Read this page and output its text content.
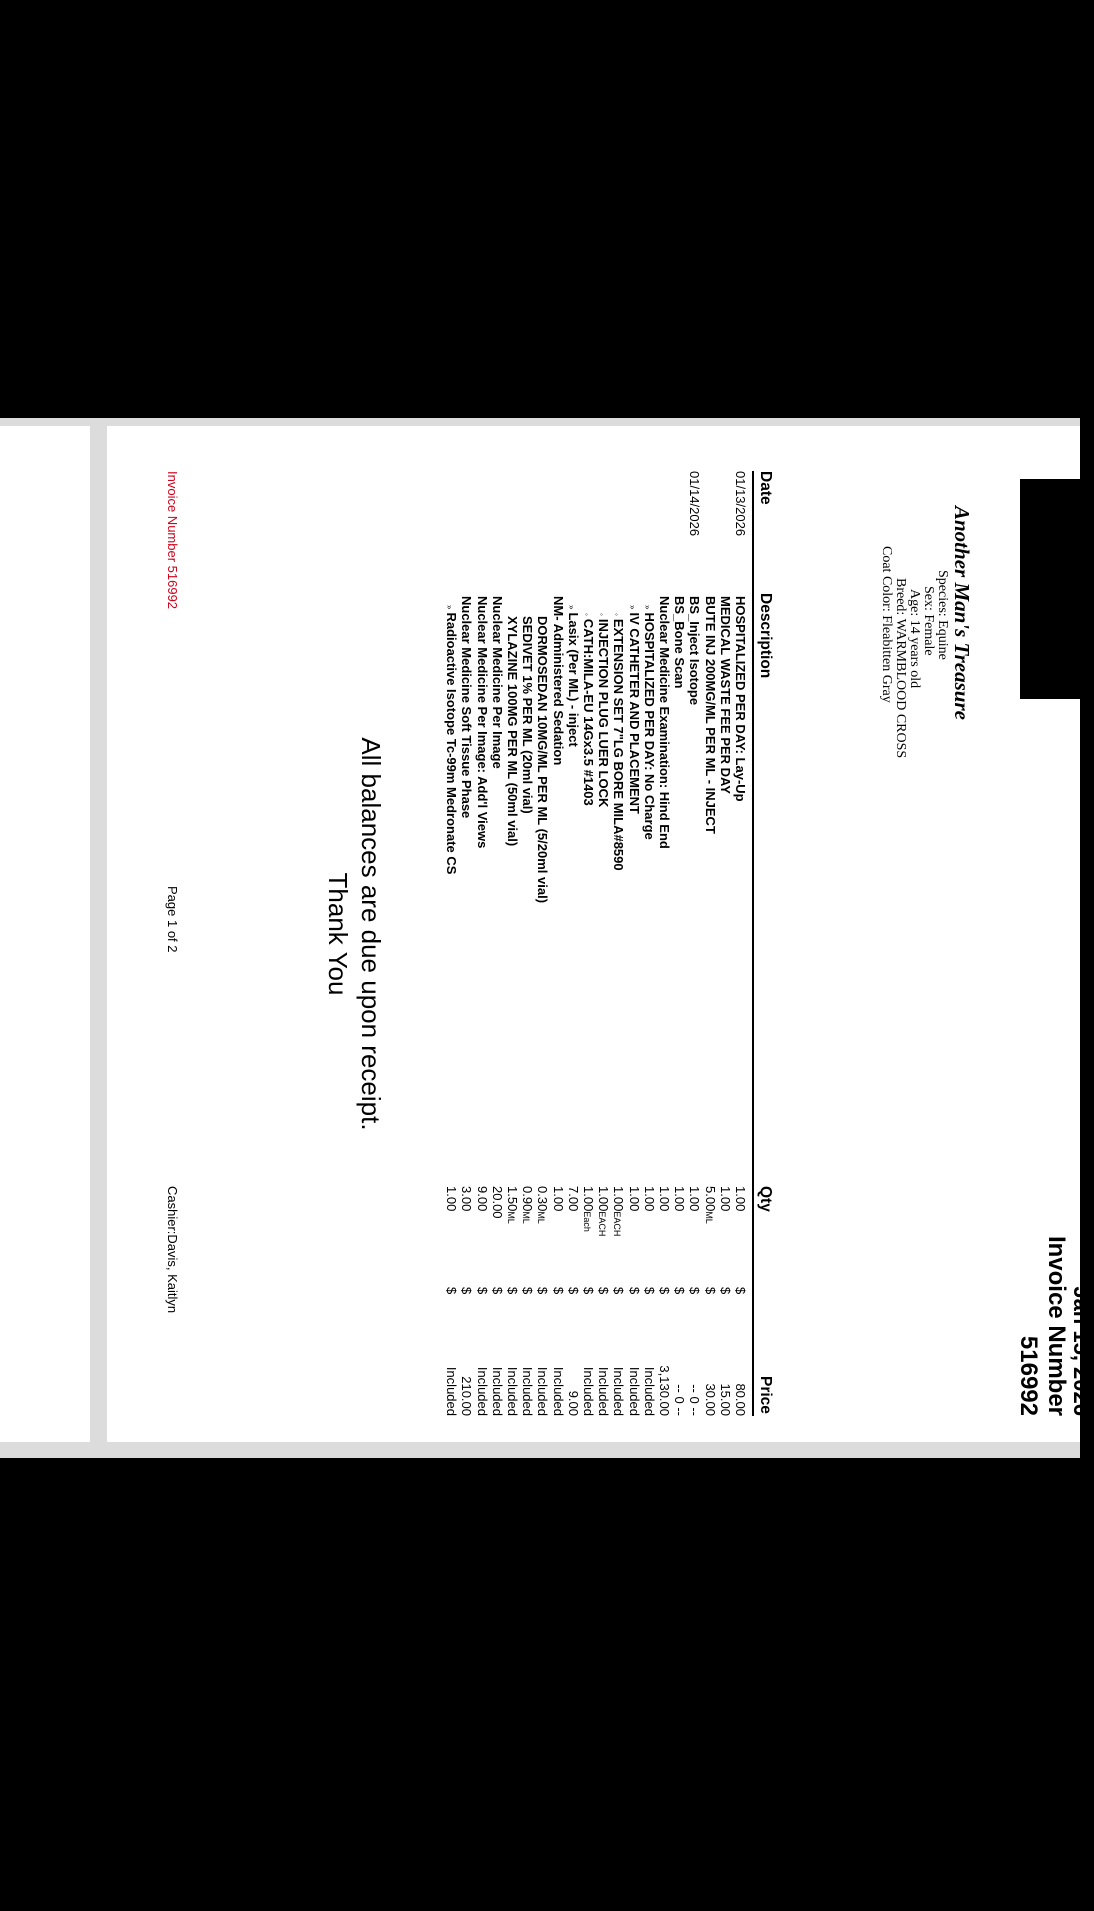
Jan 15, 2026
Invoice Number
516992
Another Man's Treasure
Species: Equine
Sex: Female
Age: 14 years old
Breed: WARMBLOOD CROSS
Coat Color: Fleabitten Gray
Date
Description
Qty
Price
01/13/2026
HOSPITALIZED PER DAY: Lay-Up
1.00
$
80.00
MEDICAL WASTE FEE PER DAY
1.00
$
15.00
BUTE INJ 200MG/ML PER ML - INJECT
5.00ML
$
30.00
01/14/2026
BS_Inject Isotope
1.00
$
-- 0 --
BS_Bone Scan
1.00
$
-- 0 --
Nuclear Medicine Examination: Hind End
1.00
$
3,130.00
»HOSPITALIZED PER DAY: No Charge
1.00
$
Included
»IV CATHETER AND PLACEMENT
1.00
$
Included
◦EXTENSION SET 7"LG BORE MILA#8590
1.00EACH
$
Included
◦INJECTION PLUG LUER LOCK
1.00EACH
$
Included
◦CATH:MILA-EU 14Gx3.5 #1403
1.00Each
$
Included
»Lasix (Per ML) - inject
7.00
$
9.00
NM- Administered Sedation
1.00
$
Included
DORMOSEDAN 10MG/ML PER ML (5/20ml vial)
0.30ML
$
Included
SEDIVET 1% PER ML (20ml vial)
0.90ML
$
Included
XYLAZINE 100MG PER ML (50ml vial)
1.50ML
$
Included
Nuclear Medicine Per Image
20.00
$
Included
Nuclear Medicine Per Image: Add'l Views
9.00
$
Included
Nuclear Medicine Soft Tissue Phase
3.00
$
210.00
»Radioactive Isotope Tc-99m Medronate CS
1.00
$
Included
All balances are due upon receipt.
Thank You
Invoice Number 516992
Page 1 of 2
Cashier:Davis, Kaitlyn
